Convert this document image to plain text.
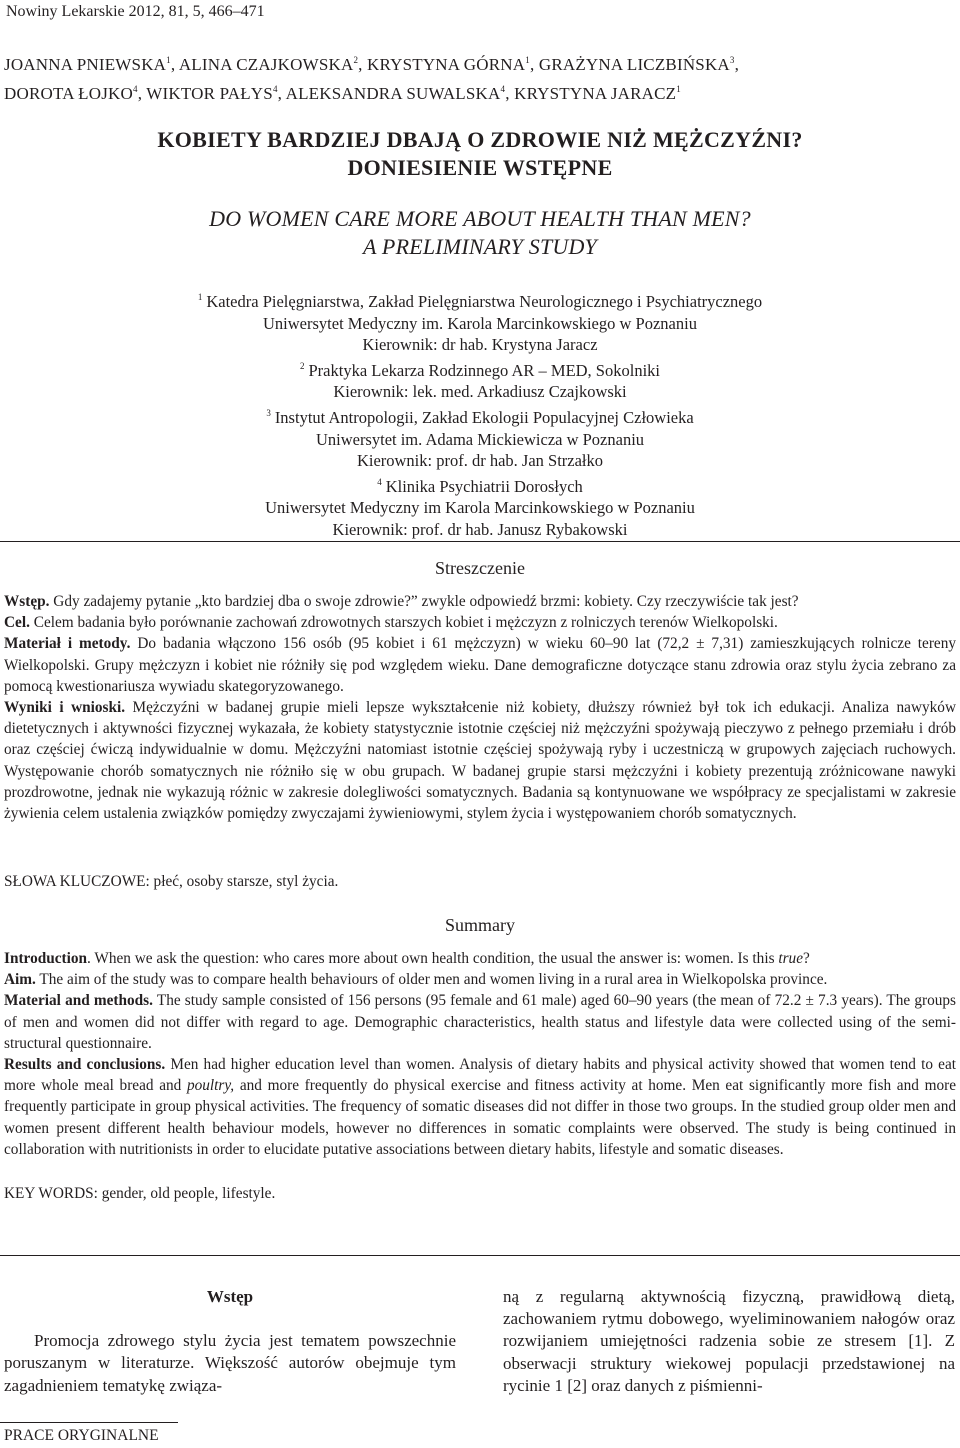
Nowiny Lekarskie 2012, 81, 5, 466–471
JOANNA PNIEWSKA$^1$, ALINA CZAJKOWSKA$^2$, KRYSTYNA GÓRNA$^1$, GRAŻYNA LICZBIŃSKA$^3$,
DOROTA ŁOJKO$^4$, WIKTOR PAŁYS$^4$, ALEKSANDRA SUWALSKA$^4$, KRYSTYNA JARACZ$^1$
KOBIETY BARDZIEJ DBAJĄ O ZDROWIE NIŻ MĘŻCZYŹNI?
DONIESIENIE WSTĘPNE
DO WOMEN CARE MORE ABOUT HEALTH THAN MEN?
A PRELIMINARY STUDY
$^1$ Katedra Pielęgniarstwa, Zakład Pielęgniarstwa Neurologicznego i Psychiatrycznego
Uniwersytet Medyczny im. Karola Marcinkowskiego w Poznaniu
Kierownik: dr hab. Krystyna Jaracz
$^2$ Praktyka Lekarza Rodzinnego AR – MED, Sokolniki
Kierownik: lek. med. Arkadiusz Czajkowski
$^3$ Instytut Antropologii, Zakład Ekologii Populacyjnej Człowieka
Uniwersytet im. Adama Mickiewicza w Poznaniu
Kierownik: prof. dr hab. Jan Strzałko
$^4$ Klinika Psychiatrii Dorosłych
Uniwersytet Medyczny im Karola Marcinkowskiego w Poznaniu
Kierownik: prof. dr hab. Janusz Rybakowski
Streszczenie

Wstęp. Gdy zadajemy pytanie „kto bardziej dba o swoje zdrowie?” zwykle odpowiedź brzmi: kobiety. Czy rzeczywiście tak jest?

Cel. Celem badania było porównanie zachowań zdrowotnych starszych kobiet i mężczyzn z rolniczych terenów Wielkopolski.

Materiał i metody. Do badania włączono 156 osób (95 kobiet i 61 mężczyzn) w wieku 60–90 lat (72,2 ± 7,31) zamieszkujących rolnicze tereny Wielkopolski. Grupy mężczyzn i kobiet nie różniły się pod względem wieku. Dane demograficzne dotyczące stanu zdrowia oraz stylu życia zebrano za pomocą kwestionariusza wywiadu skategoryzowanego.

Wyniki i wnioski. Mężczyźni w badanej grupie mieli lepsze wykształcenie niż kobiety, dłuższy również był tok ich edukacji. Analiza nawyków dietetycznych i aktywności fizycznej wykazała, że kobiety statystycznie istotnie częściej niż mężczyźni spożywają pieczywo z pełnego przemiału i drób oraz częściej ćwiczą indywidualnie w domu. Mężczyźni natomiast istotnie częściej spożywają ryby i uczestniczą w grupowych zajęciach ruchowych. Występowanie chorób somatycznych nie różniło się w obu grupach. W badanej grupie starsi mężczyźni i kobiety prezentują zróżnicowane nawyki prozdrowotne, jednak nie wykazują różnic w zakresie dolegliwości somatycznych. Badania są kontynuowane we współpracy ze specjalistami w zakresie żywienia celem ustalenia związków pomiędzy zwyczajami żywieniowymi, stylem życia i występowaniem chorób somatycznych.

SŁOWA KLUCZOWE: płeć, osoby starsze, styl życia.
Summary

Introduction. When we ask the question: who cares more about own health condition, the usual the answer is: women. Is this true?

Aim. The aim of the study was to compare health behaviours of older men and women living in a rural area in Wielkopolska province.

Material and methods. The study sample consisted of 156 persons (95 female and 61 male) aged 60–90 years (the mean of 72.2 ± 7.3 years). The groups of men and women did not differ with regard to age. Demographic characteristics, health status and lifestyle data were collected using of the semi-structural questionnaire.

Results and conclusions. Men had higher education level than women. Analysis of dietary habits and physical activity showed that women tend to eat more whole meal bread and poultry, and more frequently do physical exercise and fitness activity at home. Men eat significantly more fish and more frequently participate in group physical activities. The frequency of somatic diseases did not differ in those two groups. In the studied group older men and women present different health behaviour models, however no differences in somatic complaints were observed. The study is being continued in collaboration with nutritionists in order to elucidate putative associations between dietary habits, lifestyle and somatic diseases.

KEY WORDS: gender, old people, lifestyle.

Wstęp

Promocja zdrowego stylu życia jest tematem powszechnie poruszanym w literaturze. Większość autorów obejmuje tym zagadnieniem tematykę związa-

ną z regularną aktywnością fizyczną, prawidłową dietą, zachowaniem rytmu dobowego, wyeliminowaniem nałogów oraz rozwijaniem umiejętności radzenia sobie ze stresem [1]. Z obserwacji struktury wiekowej populacji przedstawionej na rycinie 1 [2] oraz danych z piśmienni-

PRACE ORYGINALNE
